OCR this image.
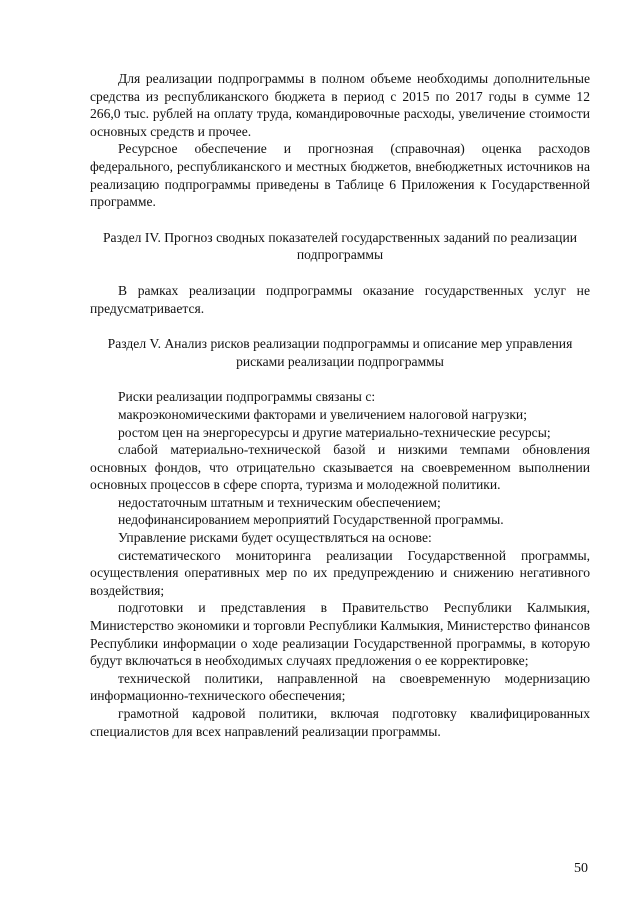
Для реализации подпрограммы в полном объеме необходимы дополнительные средства из республиканского бюджета в период с 2015 по 2017 годы в сумме 12 266,0 тыс. рублей на оплату труда, командировочные расходы, увеличение стоимости основных средств и прочее.

Ресурсное обеспечение и прогнозная (справочная) оценка расходов федерального, республиканского и местных бюджетов, внебюджетных источников на реализацию подпрограммы приведены в Таблице 6 Приложения к Государственной программе.

Раздел IV. Прогноз сводных показателей государственных заданий по реализации подпрограммы

В рамках реализации подпрограммы оказание государственных услуг не предусматривается.

Раздел V. Анализ рисков реализации подпрограммы и описание мер управления рисками реализации подпрограммы

Риски реализации подпрограммы связаны с:

макроэкономическими факторами и увеличением налоговой нагрузки;

ростом цен на энергоресурсы и другие материально-технические ресурсы;

слабой материально-технической базой и низкими темпами обновления основных фондов, что отрицательно сказывается на своевременном выполнении основных процессов в сфере спорта, туризма и молодежной политики.

недостаточным штатным и техническим обеспечением;

недофинансированием мероприятий Государственной программы.

Управление рисками будет осуществляться на основе:

систематического мониторинга реализации Государственной программы, осуществления оперативных мер по их предупреждению и снижению негативного воздействия;

подготовки и представления в Правительство Республики Калмыкия, Министерство экономики и торговли Республики Калмыкия, Министерство финансов Республики информации о ходе реализации Государственной программы, в которую будут включаться в необходимых случаях предложения о ее корректировке;

технической политики, направленной на своевременную модернизацию информационно-технического обеспечения;

грамотной кадровой политики, включая подготовку квалифицированных специалистов для всех направлений реализации программы.

50
